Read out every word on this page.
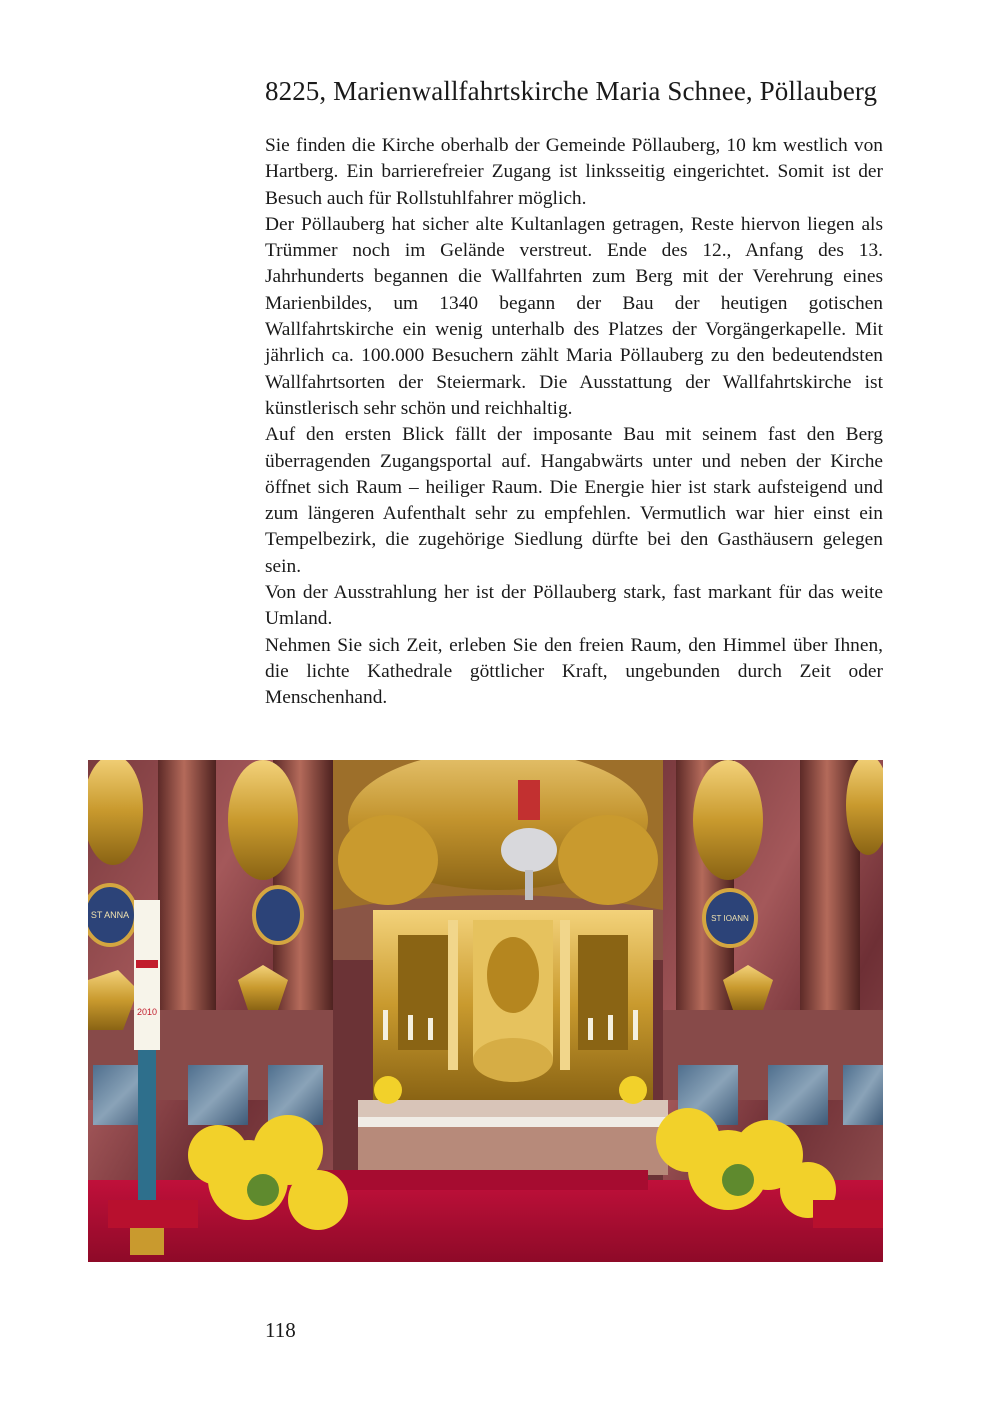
8225, Marienwallfahrtskirche Maria Schnee, Pöllauberg

Sie finden die Kirche oberhalb der Gemeinde Pöllauberg, 10 km westlich von Hartberg. Ein barrierefreier Zugang ist linksseitig eingerichtet. Somit ist der Besuch auch für Rollstuhlfahrer möglich.

Der Pöllauberg hat sicher alte Kultanlagen getragen, Reste hiervon liegen als Trümmer noch im Gelände verstreut. Ende des 12., Anfang des 13. Jahrhunderts begannen die Wallfahrten zum Berg mit der Verehrung eines Marienbildes, um 1340 begann der Bau der heutigen gotischen Wallfahrtskirche ein wenig unterhalb des Platzes der Vorgängerkapelle. Mit jährlich ca. 100.000 Besuchern zählt Maria Pöllauberg zu den bedeutendsten Wallfahrtsorten der Steiermark. Die Ausstattung der Wallfahrtskirche ist künstlerisch sehr schön und reichhaltig.

Auf den ersten Blick fällt der imposante Bau mit seinem fast den Berg überragenden Zugangsportal auf. Hangabwärts unter und neben der Kirche öffnet sich Raum – heiliger Raum. Die Energie hier ist stark aufsteigend und zum längeren Aufenthalt sehr zu empfehlen. Vermutlich war hier einst ein Tempelbezirk, die zugehörige Siedlung dürfte bei den Gasthäusern gelegen sein.

Von der Ausstrahlung her ist der Pöllauberg stark, fast markant für das weite Umland.

Nehmen Sie sich Zeit, erleben Sie den freien Raum, den Himmel über Ihnen, die lichte Kathedrale göttlicher Kraft, ungebunden durch Zeit oder Menschenhand.

ST ANNA	ST IOANN
2010
118
